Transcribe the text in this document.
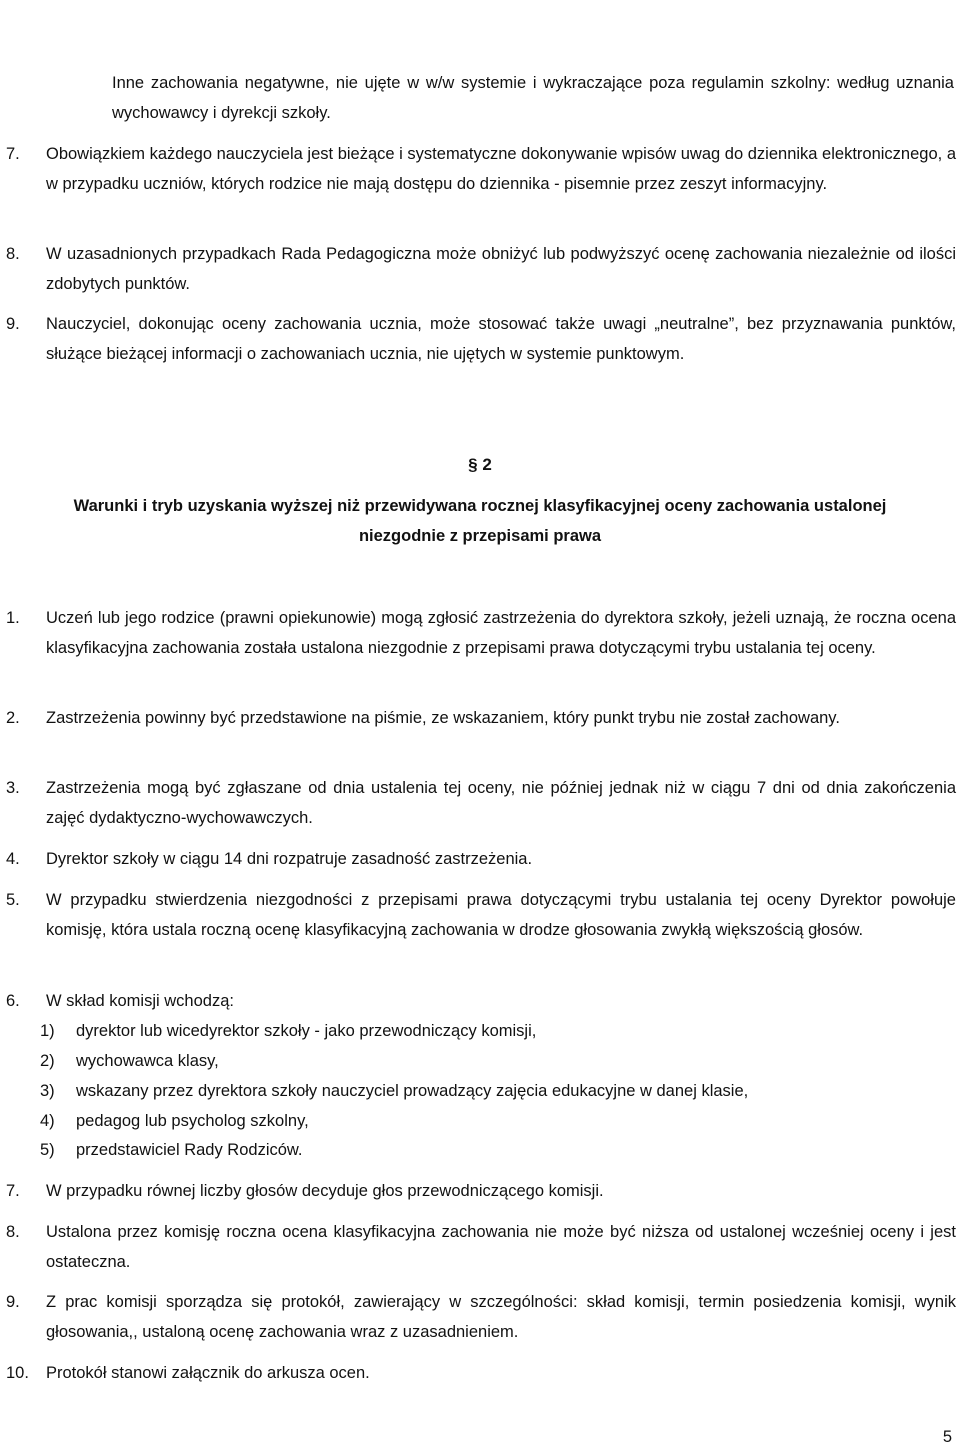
Inne zachowania negatywne, nie ujęte w w/w systemie i wykraczające poza regulamin szkolny: według uznania wychowawcy i dyrekcji szkoły.
7. Obowiązkiem każdego nauczyciela jest bieżące i systematyczne dokonywanie wpisów uwag do dziennika elektronicznego, a w przypadku uczniów, których rodzice nie mają dostępu do dziennika - pisemnie przez zeszyt informacyjny.
8. W uzasadnionych przypadkach Rada Pedagogiczna może obniżyć lub podwyższyć ocenę zachowania niezależnie od ilości zdobytych punktów.
9. Nauczyciel, dokonując oceny zachowania ucznia, może stosować także uwagi „neutralne”, bez przyznawania punktów, służące bieżącej informacji o zachowaniach ucznia, nie ujętych w systemie punktowym.
§ 2
Warunki i tryb uzyskania wyższej niż przewidywana rocznej klasyfikacyjnej oceny zachowania ustalonej
niezgodnie z przepisami prawa
1. Uczeń lub jego rodzice (prawni opiekunowie) mogą zgłosić zastrzeżenia do dyrektora szkoły, jeżeli uznają, że roczna ocena klasyfikacyjna zachowania została ustalona niezgodnie z przepisami prawa dotyczącymi trybu ustalania tej oceny.
2. Zastrzeżenia powinny być przedstawione na piśmie, ze wskazaniem, który punkt trybu nie został zachowany.
3. Zastrzeżenia mogą być zgłaszane od dnia ustalenia tej oceny, nie później jednak niż w ciągu 7 dni od dnia zakończenia zajęć dydaktyczno-wychowawczych.
4. Dyrektor szkoły w ciągu 14 dni rozpatruje zasadność zastrzeżenia.
5. W przypadku stwierdzenia niezgodności z przepisami prawa dotyczącymi trybu ustalania tej oceny Dyrektor powołuje komisję, która ustala roczną ocenę klasyfikacyjną zachowania w drodze głosowania zwykłą większością głosów.
6. W skład komisji wchodzą:
1) dyrektor lub wicedyrektor szkoły - jako przewodniczący komisji,
2) wychowawca klasy,
3) wskazany przez dyrektora szkoły nauczyciel prowadzący zajęcia edukacyjne w danej klasie,
4) pedagog lub psycholog szkolny,
5) przedstawiciel Rady Rodziców.
7. W przypadku równej liczby głosów decyduje głos przewodniczącego komisji.
8. Ustalona przez komisję roczna ocena klasyfikacyjna zachowania nie może być niższa od ustalonej wcześniej oceny i jest ostateczna.
9. Z prac komisji sporządza się protokół, zawierający w szczególności: skład komisji, termin posiedzenia komisji, wynik głosowania,, ustaloną ocenę zachowania wraz z uzasadnieniem.
10. Protokół stanowi załącznik do arkusza ocen.
5
